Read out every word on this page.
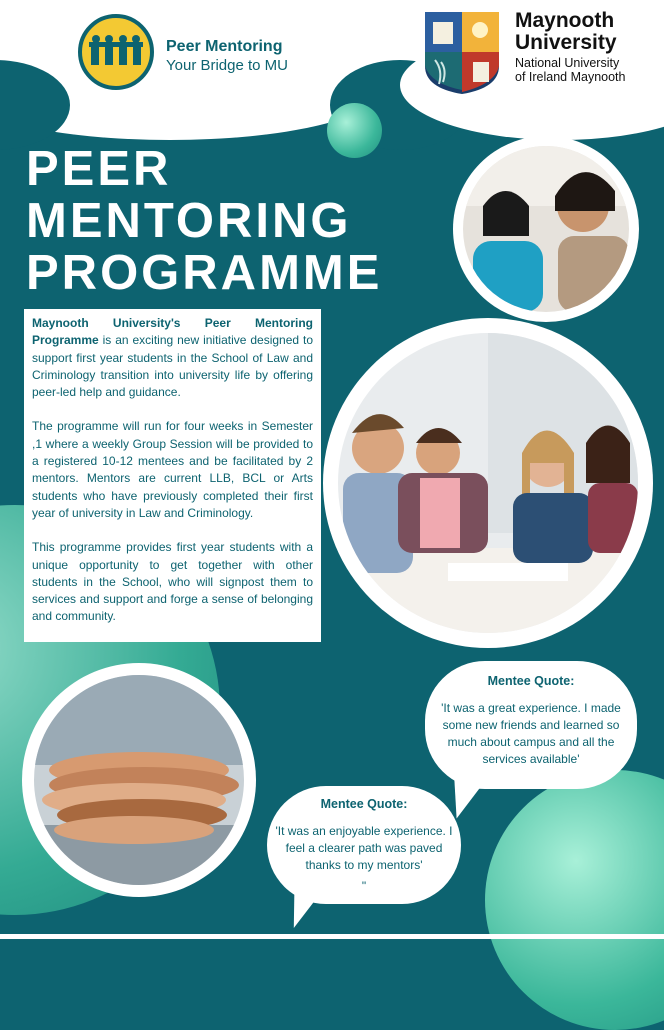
Peer Mentoring
Your Bridge to MU
Maynooth
University
National University
of Ireland Maynooth
PEER
MENTORING
PROGRAMME

Maynooth University's Peer Mentoring Programme is an exciting new initiative designed to support first year students in the School of Law and Criminology transition into university life by offering peer-led help and guidance.

The programme will run for four weeks in Semester ,1 where a weekly Group Session will be provided to a registered 10-12 mentees and be facilitated by 2 mentors. Mentors are current LLB, BCL or Arts students who have previously completed their first year of university in Law and Criminology.

This programme provides first year students with a unique opportunity to get together with other students in the School, who will signpost them to services and support and forge a sense of belonging and community.

Mentee Quote:
'It was a great experience. I made some new friends and learned so much about campus and all the services available'
Mentee Quote:
'It was an enjoyable experience. I feel a clearer path was paved thanks to my mentors'
"
